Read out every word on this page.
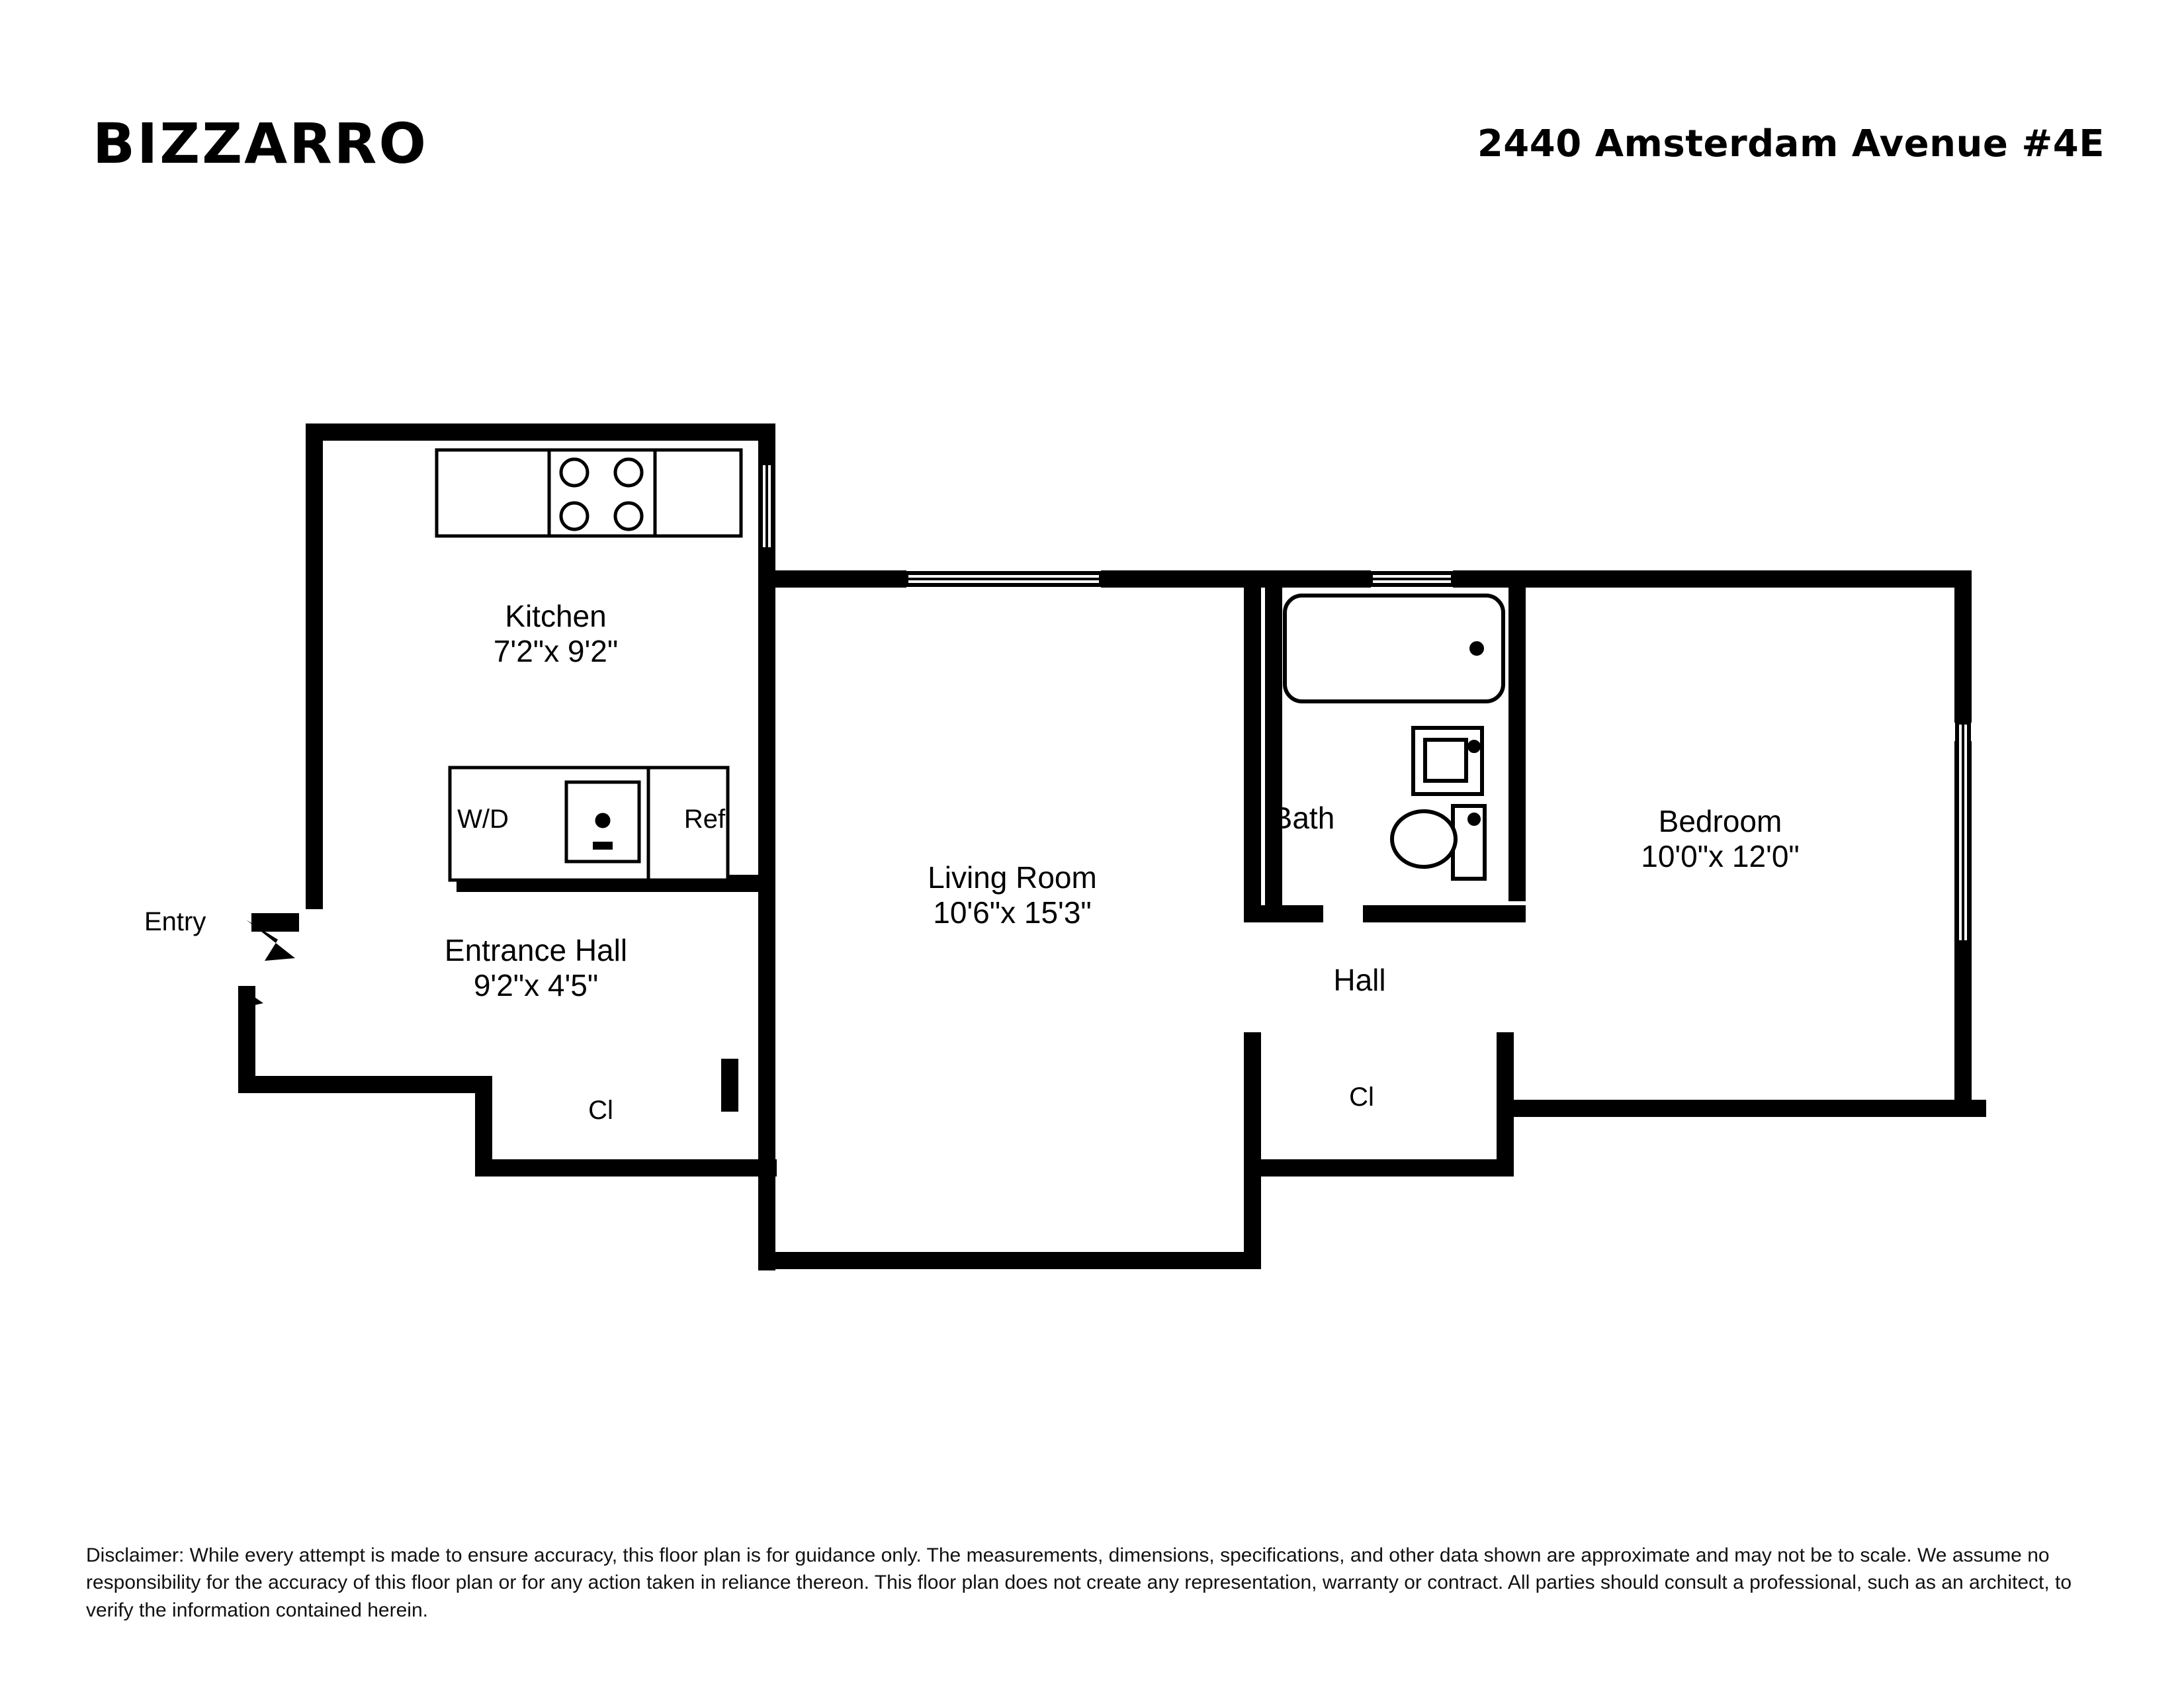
BIZZARRO	2440 Amsterdam Avenue #4E
Kitchen
7'2"x 9'2"
Entrance Hall
9'2"x 4'5"
Living Room
10'6"x 15'3"
Bath	Bedroom
10'0"x 12'0"
Hall
W/D	Ref
Cl	Cl
Entry
Disclaimer: While every attempt is made to ensure accuracy, this floor plan is for guidance only. The measurements, dimensions, specifications, and other data shown are approximate and may not be to scale. We assume no responsibility for the accuracy of this floor plan or for any action taken in reliance thereon. This floor plan does not create any representation, warranty or contract. All parties should consult a professional, such as an architect, to verify the information contained herein.
